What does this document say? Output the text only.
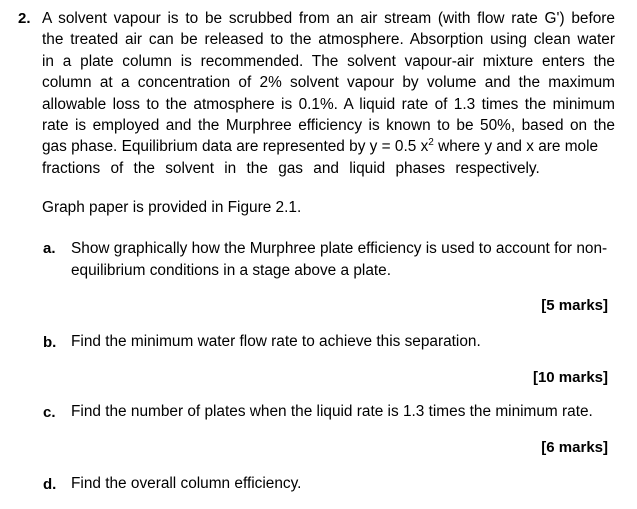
2. A solvent vapour is to be scrubbed from an air stream (with flow rate G') before
the treated air can be released to the atmosphere. Absorption using clean water
in a plate column is recommended. The solvent vapour-air mixture enters the
column at a concentration of 2% solvent vapour by volume and the maximum
allowable loss to the atmosphere is 0.1%. A liquid rate of 1.3 times the minimum
rate is employed and the Murphree efficiency is known to be 50%, based on the
gas phase. Equilibrium data are represented by y = 0.5 $x^2$ where y and x are mole
fractions of the solvent in the gas and liquid phases respectively.
Graph paper is provided in Figure 2.1.
a. Show graphically how the Murphree plate efficiency is used to account for non-
equilibrium conditions in a stage above a plate.
[5 marks]
b. Find the minimum water flow rate to achieve this separation.
[10 marks]
c. Find the number of plates when the liquid rate is 1.3 times the minimum rate.
[6 marks]
d. Find the overall column efficiency.
